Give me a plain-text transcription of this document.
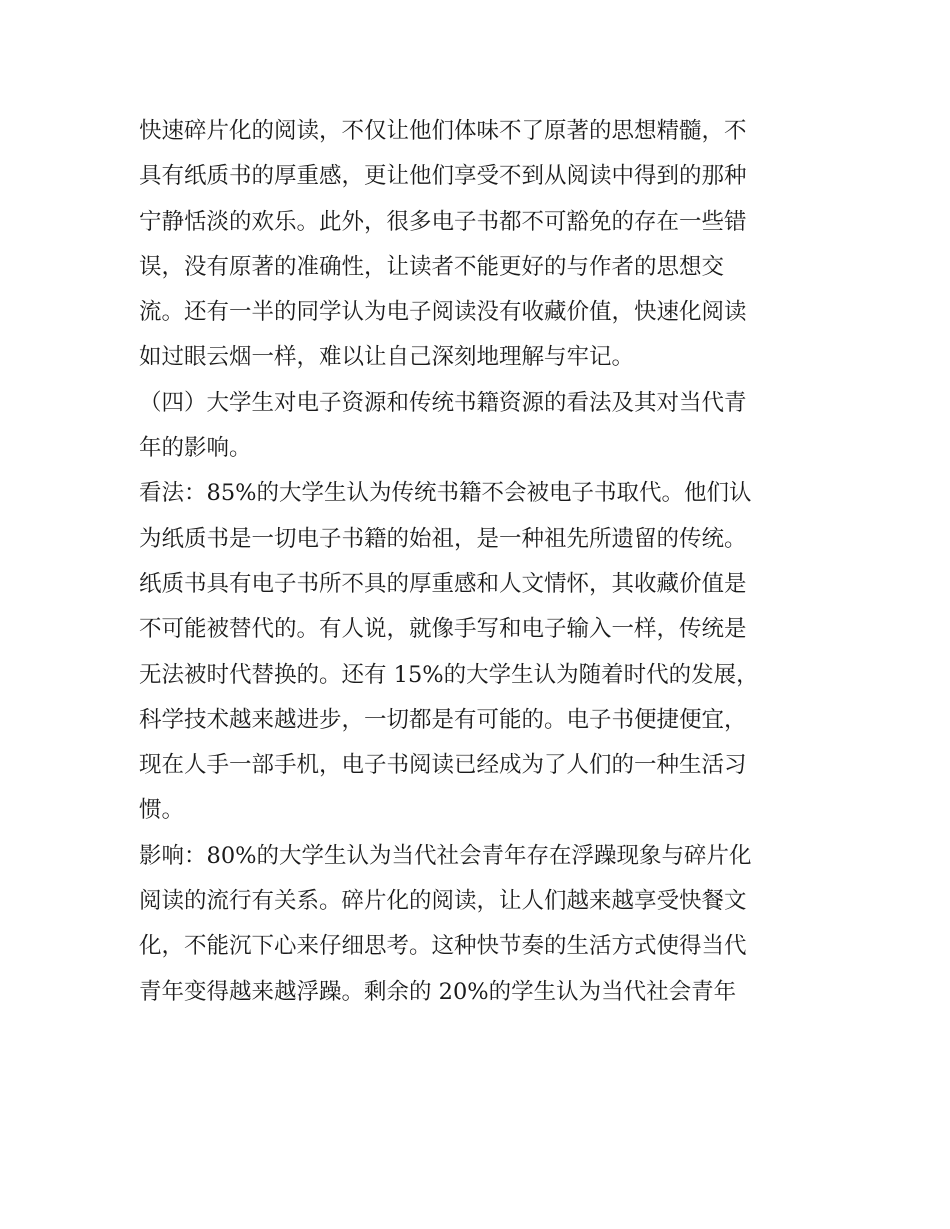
快速碎片化的阅读，不仅让他们体味不了原著的思想精髓，不
具有纸质书的厚重感，更让他们享受不到从阅读中得到的那种
宁静恬淡的欢乐。此外，很多电子书都不可豁免的存在一些错
误，没有原著的准确性，让读者不能更好的与作者的思想交
流。还有一半的同学认为电子阅读没有收藏价值，快速化阅读
如过眼云烟一样，难以让自己深刻地理解与牢记。
（四）大学生对电子资源和传统书籍资源的看法及其对当代青
年的影响。
看法：85%的大学生认为传统书籍不会被电子书取代。他们认
为纸质书是一切电子书籍的始祖，是一种祖先所遗留的传统。
纸质书具有电子书所不具的厚重感和人文情怀，其收藏价值是
不可能被替代的。有人说，就像手写和电子输入一样，传统是
无法被时代替换的。还有 15%的大学生认为随着时代的发展，
科学技术越来越进步，一切都是有可能的。电子书便捷便宜，
现在人手一部手机，电子书阅读已经成为了人们的一种生活习
惯。
影响：80%的大学生认为当代社会青年存在浮躁现象与碎片化
阅读的流行有关系。碎片化的阅读，让人们越来越享受快餐文
化，不能沉下心来仔细思考。这种快节奏的生活方式使得当代
青年变得越来越浮躁。剩余的 20%的学生认为当代社会青年
